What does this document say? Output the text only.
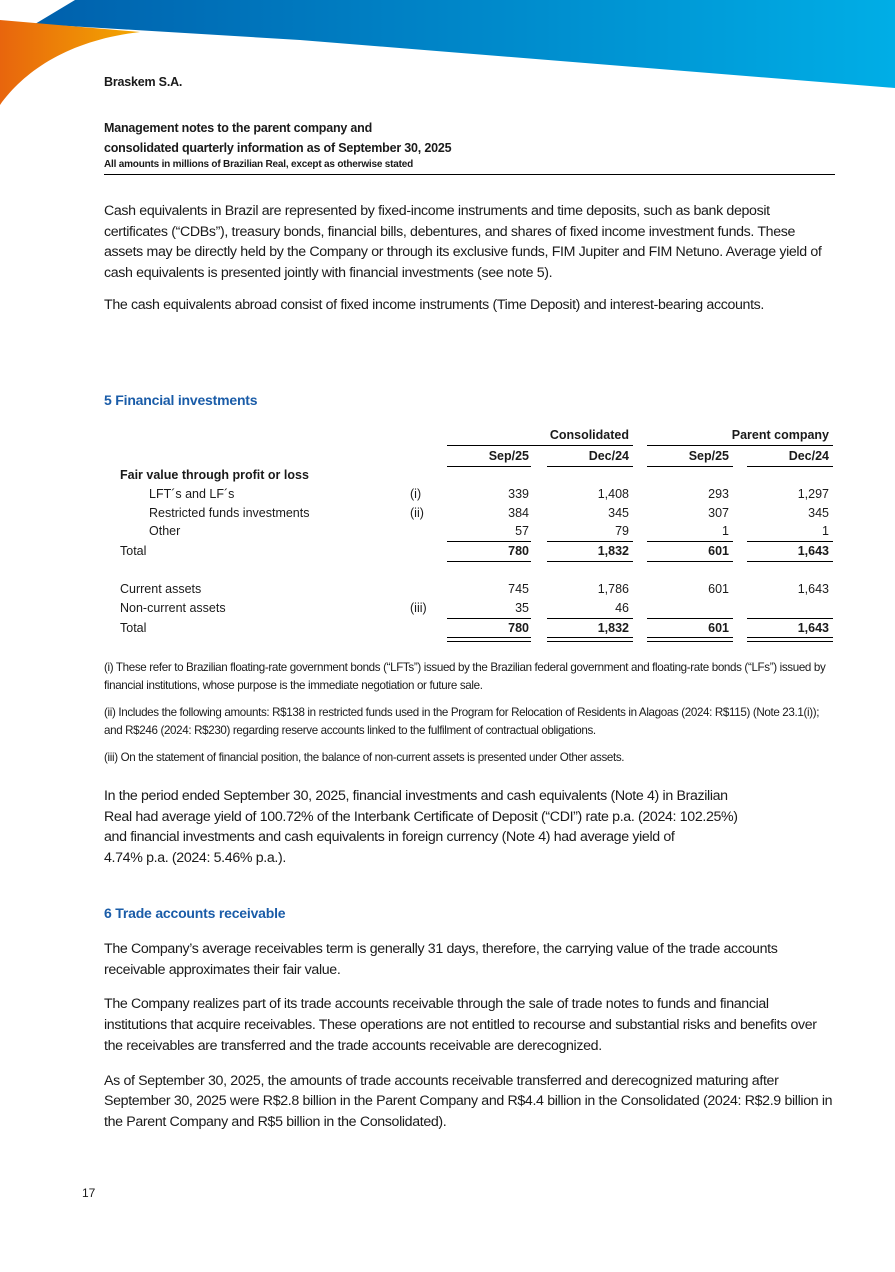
Braskem S.A.
Management notes to the parent company and
consolidated quarterly information as of September 30, 2025
All amounts in millions of Brazilian Real, except as otherwise stated

Cash equivalents in Brazil are represented by fixed-income instruments and time deposits, such as bank deposit certificates (“CDBs”), treasury bonds, financial bills, debentures, and shares of fixed income investment funds. These assets may be directly held by the Company or through its exclusive funds, FIM Jupiter and FIM Netuno. Average yield of cash equivalents is presented jointly with financial investments (see note 5).

The cash equivalents abroad consist of fixed income instruments (Time Deposit) and interest-bearing accounts.

5 Financial investments
Consolidated	Parent company
Sep/25	Dec/24	Sep/25	Dec/24
Fair value through profit or loss
LFT´s and LF´s	(i)	339	1,408	293	1,297
Restricted funds investments	(ii)	384	345	307	345
Other	57	79	1	1
Total	780	1,832	601	1,643
Current assets	745	1,786	601	1,643
Non-current assets	(iii)	35	46
Total	780	1,832	601	1,643

(i) These refer to Brazilian floating-rate government bonds (“LFTs”) issued by the Brazilian federal government and floating-rate bonds (“LFs”) issued by financial institutions, whose purpose is the immediate negotiation or future sale.

(ii) Includes the following amounts: R$138 in restricted funds used in the Program for Relocation of Residents in Alagoas (2024: R$115) (Note 23.1(i)); and R$246 (2024: R$230) regarding reserve accounts linked to the fulfilment of contractual obligations.

(iii) On the statement of financial position, the balance of non-current assets is presented under Other assets.

In the period ended September 30, 2025, financial investments and cash equivalents (Note 4) in Brazilian

Real had average yield of 100.72% of the Interbank Certificate of Deposit (“CDI”) rate p.a. (2024: 102.25%)

and financial investments and cash equivalents in foreign currency (Note 4) had average yield of

4.74% p.a. (2024: 5.46% p.a.).

6 Trade accounts receivable

The Company’s average receivables term is generally 31 days, therefore, the carrying value of the trade accounts receivable approximates their fair value.

The Company realizes part of its trade accounts receivable through the sale of trade notes to funds and financial institutions that acquire receivables. These operations are not entitled to recourse and substantial risks and benefits over the receivables are transferred and the trade accounts receivable are derecognized.

As of September 30, 2025, the amounts of trade accounts receivable transferred and derecognized maturing after September 30, 2025 were R$2.8 billion in the Parent Company and R$4.4 billion in the Consolidated (2024: R$2.9 billion in the Parent Company and R$5 billion in the Consolidated).

17
